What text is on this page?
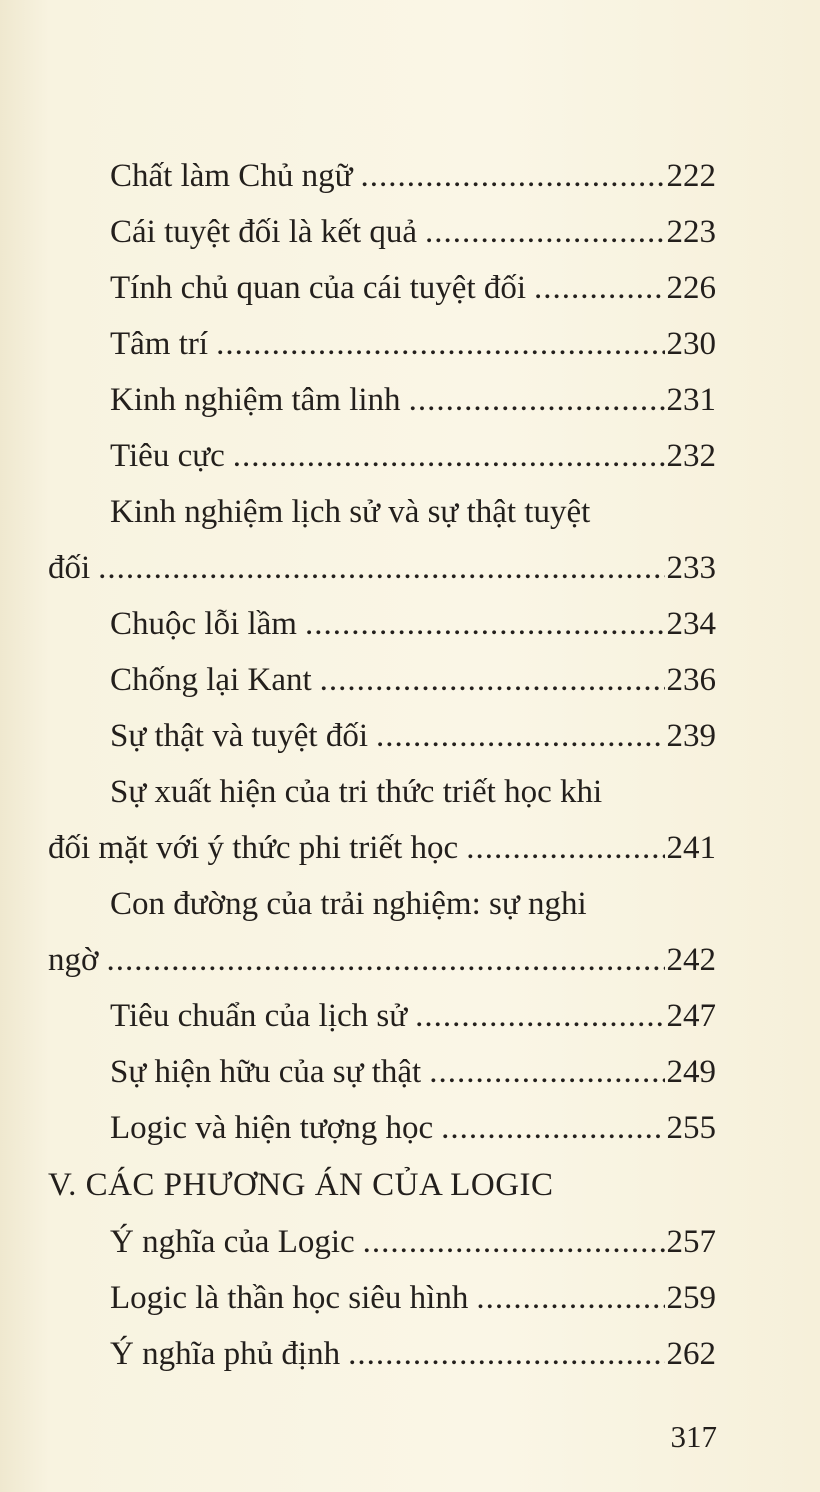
Chất làm Chủ ngữ .....	222
Cái tuyệt đối là kết quả .....	223
Tính chủ quan của cái tuyệt đối .....	226
Tâm trí .....	230
Kinh nghiệm tâm linh .....	231
Tiêu cực .....	232
Kinh nghiệm lịch sử và sự thật tuyệt
đối .....	233
Chuộc lỗi lầm .....	234
Chống lại Kant .....	236
Sự thật và tuyệt đối .....	239
Sự xuất hiện của tri thức triết học khi
đối mặt với ý thức phi triết học .....	241
Con đường của trải nghiệm: sự nghi
ngờ .....	242
Tiêu chuẩn của lịch sử .....	247
Sự hiện hữu của sự thật .....	249
Logic và hiện tượng học .....	255
V. CÁC PHƯƠNG ÁN CỦA LOGIC
Ý nghĩa của Logic .....	257
Logic là thần học siêu hình .....	259
Ý nghĩa phủ định .....	262
317
